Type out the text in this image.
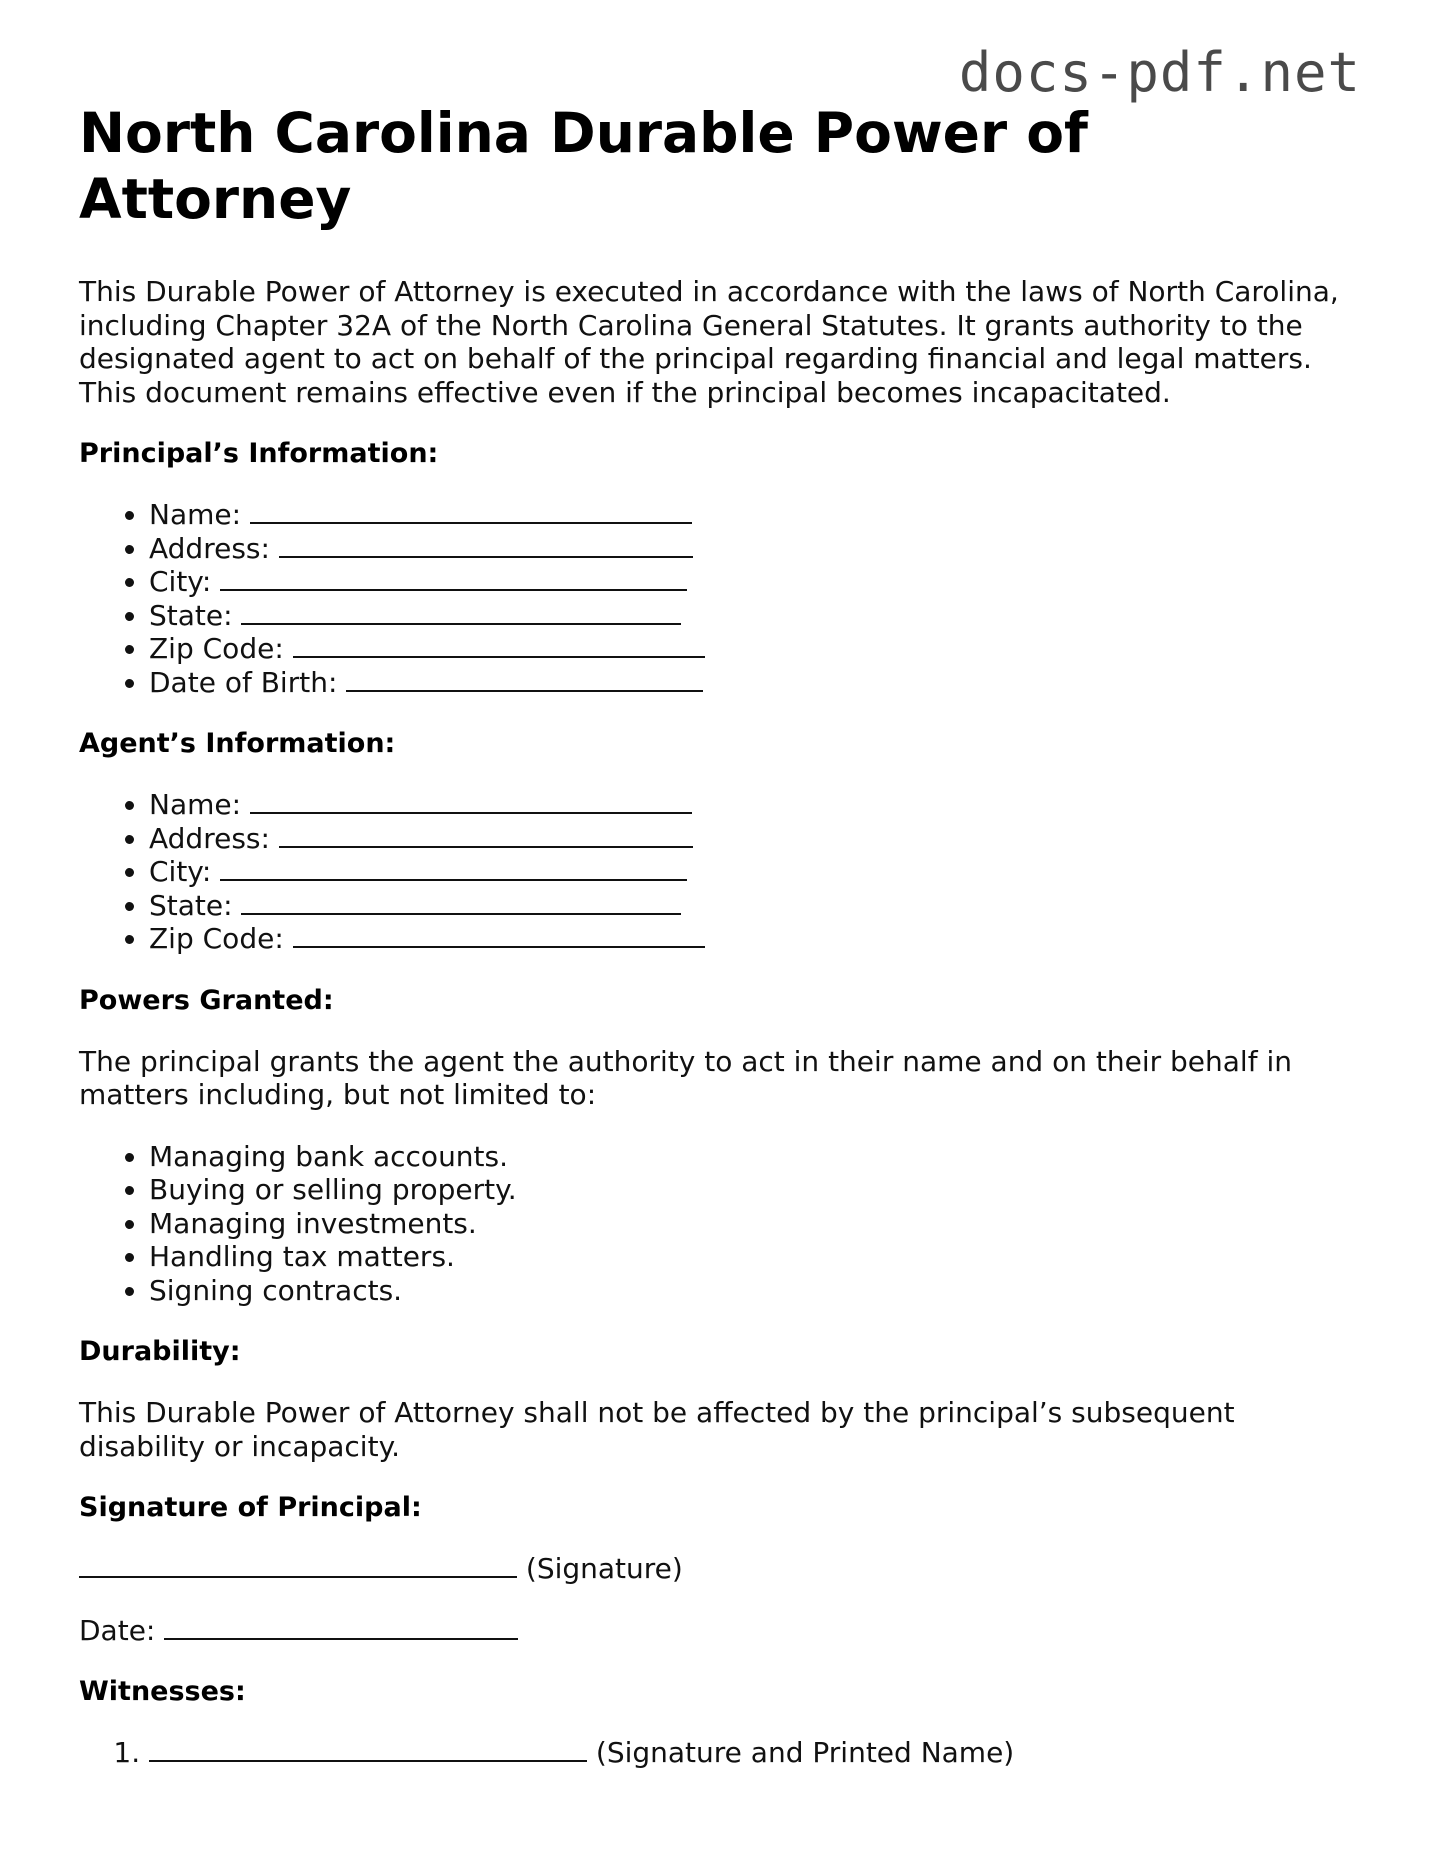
docs-pdf.net
North Carolina Durable Power of Attorney

This Durable Power of Attorney is executed in accordance with the laws of North Carolina, including Chapter 32A of the North Carolina General Statutes. It grants authority to the designated agent to act on behalf of the principal regarding financial and legal matters. This document remains effective even if the principal becomes incapacitated.

Principal’s Information:
• Name:
• Address:
• City:
• State:
• Zip Code:
• Date of Birth:
Agent’s Information:
• Name:
• Address:
• City:
• State:
• Zip Code:
Powers Granted:

The principal grants the agent the authority to act in their name and on their behalf in matters including, but not limited to:

• Managing bank accounts.
• Buying or selling property.
• Managing investments.
• Handling tax matters.
• Signing contracts.
Durability:

This Durable Power of Attorney shall not be affected by the principal’s subsequent disability or incapacity.

Signature of Principal:

(Signature)

Date:

Witnesses:
1. (Signature and Printed Name)
